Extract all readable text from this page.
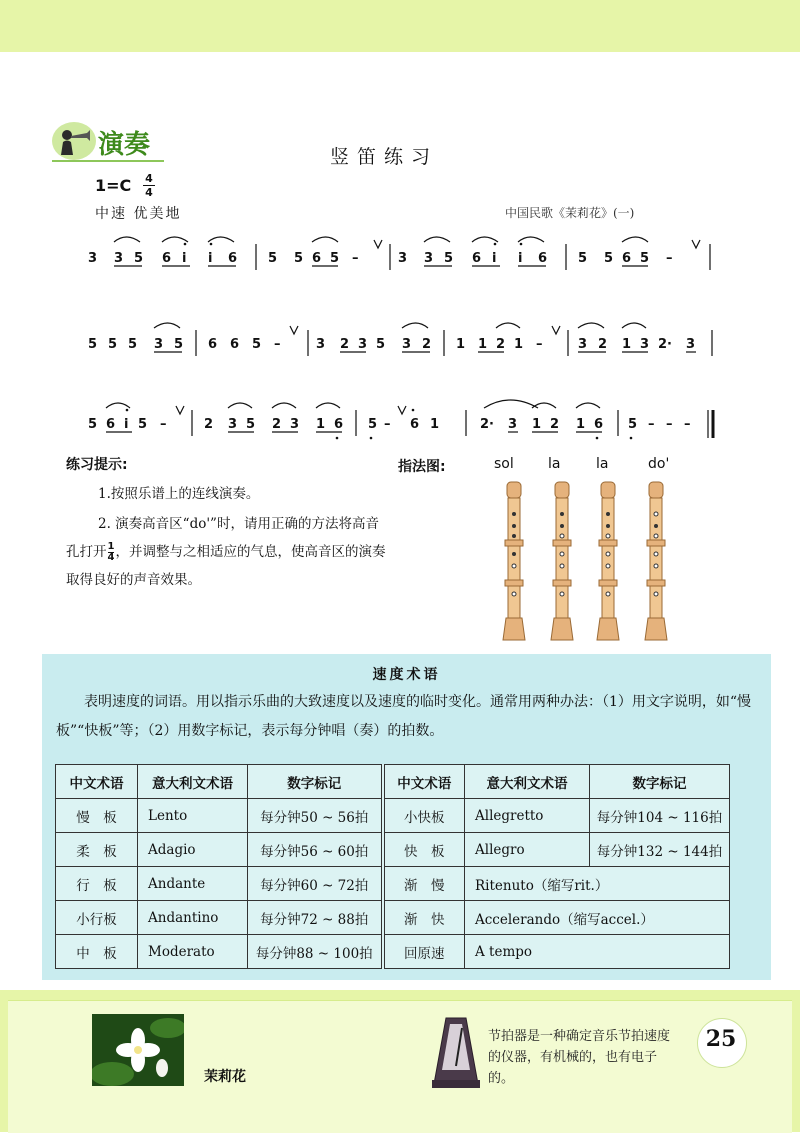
演奏	竖笛练习
1=C 4
4
中速 优美地	中国民歌《茉莉花》(一)
3 3 5 6 i i 6 5 5 6 5 –	3 3 5 6 i i 6 5 5 6 5 –
5 5 5 3 5 6 6 5 –	3 2 3 5 3 2 1 1 2 1 –	3 2 1 3 2· 3
5 6 i 5 –	2 3 5 2 3 1 6 5 – 6 1	2· 3 1 2 1 6 5 – – –
练习提示:
1.按照乐谱上的连线演奏。
2. 演奏高音区“do'”时，请用正确的方法将高音孔打开$\frac{1}{4}$，并调整与之相适应的气息，使高音区的演奏取得良好的声音效果。
指法图:	sol la	la	do'
速度术语
表明速度的词语。用以指示乐曲的大致速度以及速度的临时变化。通常用两种办法：（1）用文字说明，如“慢板”“快板”等；（2）用数字标记，表示每分钟唱（奏）的拍数。
中文术语	意大利文术语	数字标记	中文术语	意大利文术语	数字标记
慢　板	Lento	每分钟50 ~ 56拍	小快板	Allegretto	每分钟104 ~ 116拍
柔　板	Adagio	每分钟56 ~ 60拍	快　板	Allegro	每分钟132 ~ 144拍
行　板	Andante	每分钟60 ~ 72拍	渐　慢	Ritenuto（缩写rit.）	
小行板	Andantino	每分钟72 ~ 88拍	渐　快	Accelerando（缩写accel.）	
中　板	Moderato	每分钟88 ~ 100拍	回原速	A tempo	
茉莉花
节拍器是一种确定音乐节拍速度的仪器，有机械的，也有电子的。
25
